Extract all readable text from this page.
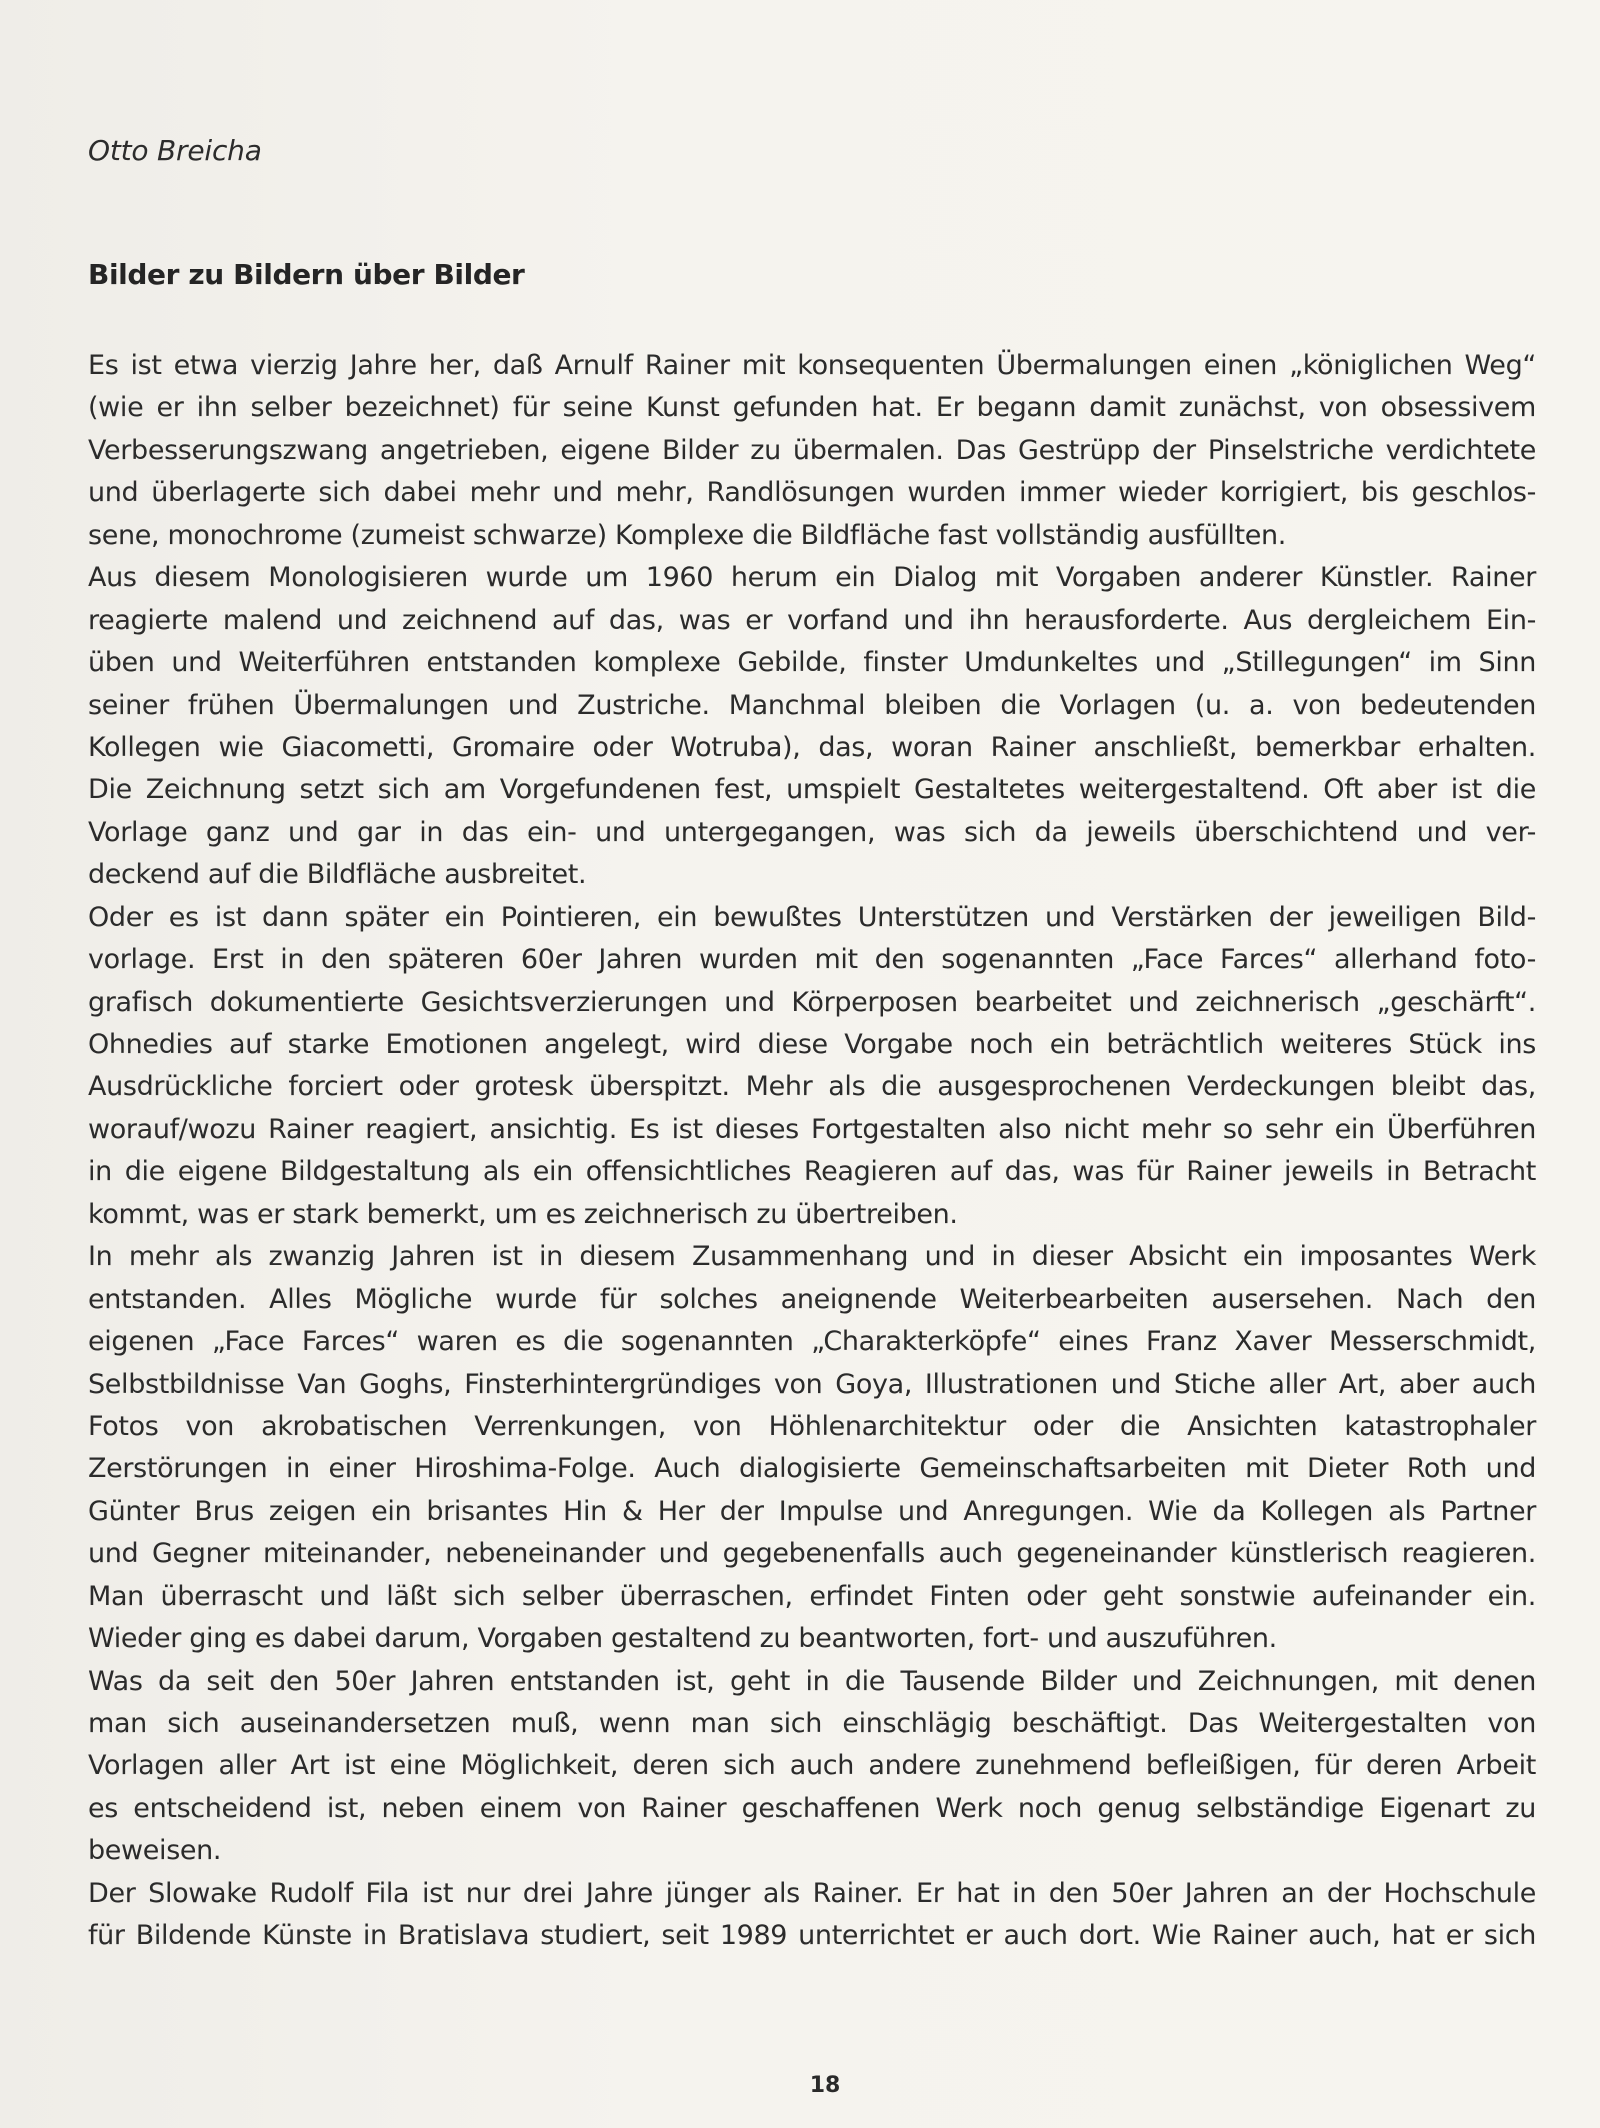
Otto Breicha
Bilder zu Bildern über Bilder
Es ist etwa vierzig Jahre her, daß Arnulf Rainer mit konsequenten Übermalungen einen „königlichen Weg“
(wie er ihn selber bezeichnet) für seine Kunst gefunden hat. Er begann damit zunächst, von obsessivem
Verbesserungszwang angetrieben, eigene Bilder zu übermalen. Das Gestrüpp der Pinselstriche verdichtete
und überlagerte sich dabei mehr und mehr, Randlösungen wurden immer wieder korrigiert, bis geschlos-
sene, monochrome (zumeist schwarze) Komplexe die Bildfläche fast vollständig ausfüllten.
Aus diesem Monologisieren wurde um 1960 herum ein Dialog mit Vorgaben anderer Künstler. Rainer
reagierte malend und zeichnend auf das, was er vorfand und ihn herausforderte. Aus dergleichem Ein-
üben und Weiterführen entstanden komplexe Gebilde, finster Umdunkeltes und „Stillegungen“ im Sinn
seiner frühen Übermalungen und Zustriche. Manchmal bleiben die Vorlagen (u. a. von bedeutenden
Kollegen wie Giacometti, Gromaire oder Wotruba), das, woran Rainer anschließt, bemerkbar erhalten.
Die Zeichnung setzt sich am Vorgefundenen fest, umspielt Gestaltetes weitergestaltend. Oft aber ist die
Vorlage ganz und gar in das ein- und untergegangen, was sich da jeweils überschichtend und ver-
deckend auf die Bildfläche ausbreitet.
Oder es ist dann später ein Pointieren, ein bewußtes Unterstützen und Verstärken der jeweiligen Bild-
vorlage. Erst in den späteren 60er Jahren wurden mit den sogenannten „Face Farces“ allerhand foto-
grafisch dokumentierte Gesichtsverzierungen und Körperposen bearbeitet und zeichnerisch „geschärft“.
Ohnedies auf starke Emotionen angelegt, wird diese Vorgabe noch ein beträchtlich weiteres Stück ins
Ausdrückliche forciert oder grotesk überspitzt. Mehr als die ausgesprochenen Verdeckungen bleibt das,
worauf/wozu Rainer reagiert, ansichtig. Es ist dieses Fortgestalten also nicht mehr so sehr ein Überführen
in die eigene Bildgestaltung als ein offensichtliches Reagieren auf das, was für Rainer jeweils in Betracht
kommt, was er stark bemerkt, um es zeichnerisch zu übertreiben.
In mehr als zwanzig Jahren ist in diesem Zusammenhang und in dieser Absicht ein imposantes Werk
entstanden. Alles Mögliche wurde für solches aneignende Weiterbearbeiten ausersehen. Nach den
eigenen „Face Farces“ waren es die sogenannten „Charakterköpfe“ eines Franz Xaver Messerschmidt,
Selbstbildnisse Van Goghs, Finsterhintergründiges von Goya, Illustrationen und Stiche aller Art, aber auch
Fotos von akrobatischen Verrenkungen, von Höhlenarchitektur oder die Ansichten katastrophaler
Zerstörungen in einer Hiroshima-Folge. Auch dialogisierte Gemeinschaftsarbeiten mit Dieter Roth und
Günter Brus zeigen ein brisantes Hin & Her der Impulse und Anregungen. Wie da Kollegen als Partner
und Gegner miteinander, nebeneinander und gegebenenfalls auch gegeneinander künstlerisch reagieren.
Man überrascht und läßt sich selber überraschen, erfindet Finten oder geht sonstwie aufeinander ein.
Wieder ging es dabei darum, Vorgaben gestaltend zu beantworten, fort- und auszuführen.
Was da seit den 50er Jahren entstanden ist, geht in die Tausende Bilder und Zeichnungen, mit denen
man sich auseinandersetzen muß, wenn man sich einschlägig beschäftigt. Das Weitergestalten von
Vorlagen aller Art ist eine Möglichkeit, deren sich auch andere zunehmend befleißigen, für deren Arbeit
es entscheidend ist, neben einem von Rainer geschaffenen Werk noch genug selbständige Eigenart zu
beweisen.
Der Slowake Rudolf Fila ist nur drei Jahre jünger als Rainer. Er hat in den 50er Jahren an der Hochschule
für Bildende Künste in Bratislava studiert, seit 1989 unterrichtet er auch dort. Wie Rainer auch, hat er sich
18
